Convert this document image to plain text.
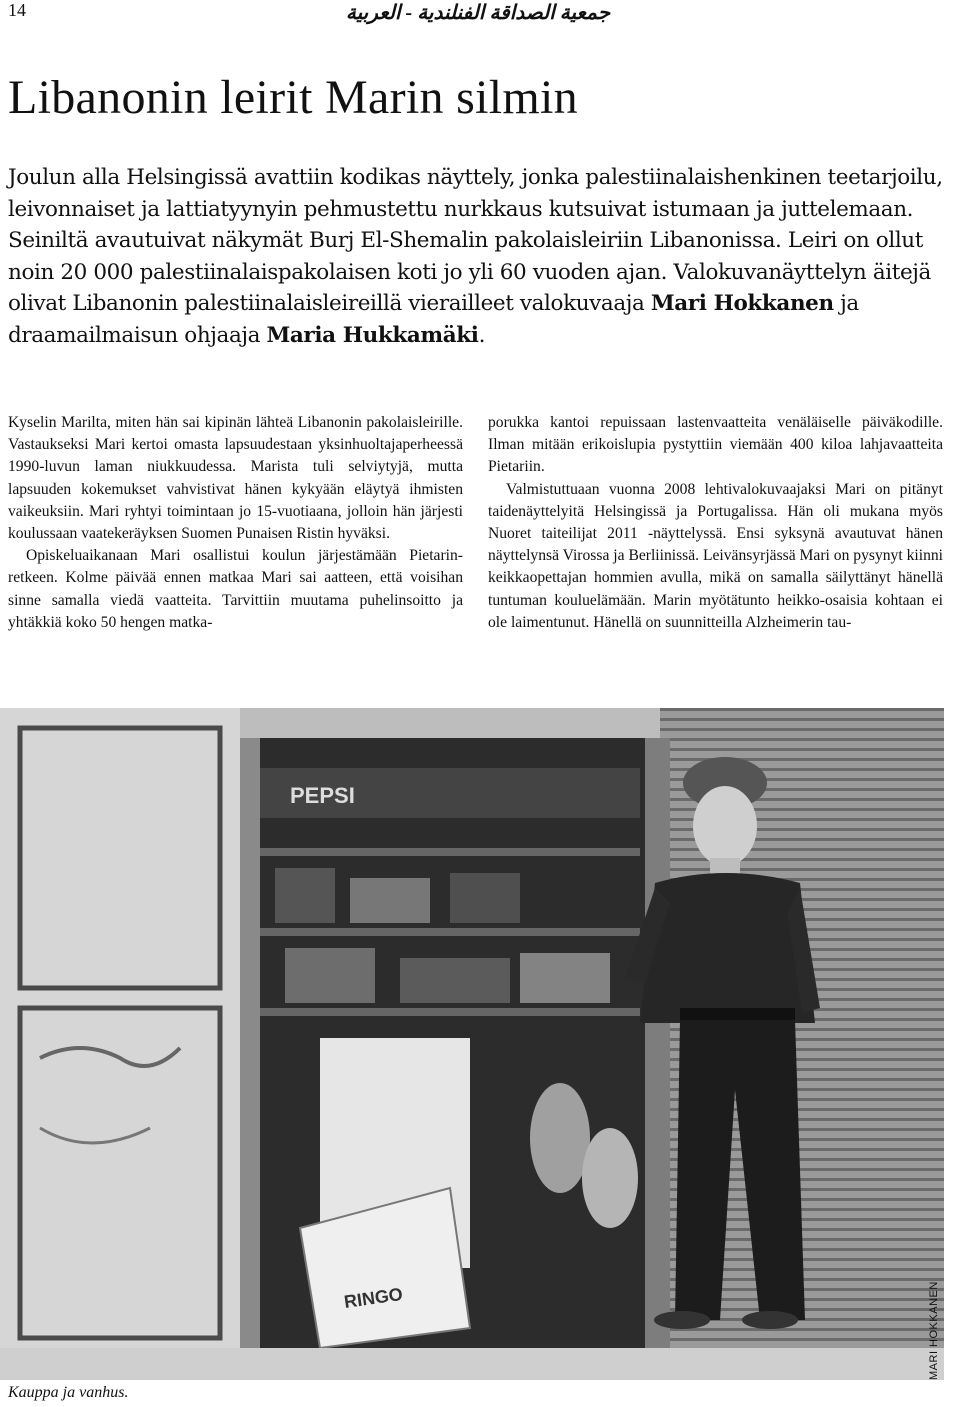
14	جمعية الصداقة الفنلندية - العربية
Libanonin leirit Marin silmin

Joulun alla Helsingissä avattiin kodikas näyttely, jonka palestiinalaishenkinen teetarjoilu, leivonnaiset ja lattiatyynyin pehmustettu nurkkaus kutsuivat istumaan ja juttelemaan. Seiniltä avautuivat näkymät Burj El-Shemalin pakolaisleiriin Libanonissa. Leiri on ollut noin 20 000 palestiinalaispakolaisen koti jo yli 60 vuoden ajan. Valokuvanäyttelyn äitejä olivat Libanonin palestiinalaisleireillä vierailleet valokuvaaja Mari Hokkanen ja draamailmaisun ohjaaja Maria Hukkamäki.

Kyselin Marilta, miten hän sai kipinän lähteä Libanonin pakolaisleirille. Vastaukseksi Mari kertoi omasta lapsuudestaan yksinhuoltajaperheessä 1990-luvun laman niukkuudessa. Marista tuli selviytyjä, mutta lapsuuden kokemukset vahvistivat hänen kykyään eläytyä ihmisten vaikeuksiin. Mari ryhtyi toimintaan jo 15-vuotiaana, jolloin hän järjesti koulussaan vaatekeräyksen Suomen Punaisen Ristin hyväksi.

Opiskeluaikanaan Mari osallistui koulun järjestämään Pietarin-retkeen. Kolme päivää ennen matkaa Mari sai aatteen, että voisihan sinne samalla viedä vaatteita. Tarvittiin muutama puhelinsoitto ja yhtäkkiä koko 50 hengen matka-

porukka kantoi repuissaan lastenvaatteita venäläiselle päiväkodille. Ilman mitään erikoislupia pystyttiin viemään 400 kiloa lahjavaatteita Pietariin.

Valmistuttuaan vuonna 2008 lehtivalokuvaajaksi Mari on pitänyt taidenäyttelyitä Helsingissä ja Portugalissa. Hän oli mukana myös Nuoret taiteilijat 2011 -näyttelyssä. Ensi syksynä avautuvat hänen näyttelynsä Virossa ja Berliinissä. Leivänsyrjässä Mari on pysynyt kiinni keikkaopettajan hommien avulla, mikä on samalla säilyttänyt hänellä tuntuman kouluelämään. Marin myötätunto heikko-osaisia kohtaan ei ole laimentunut. Hänellä on suunnitteilla Alzheimerin tau-

PEPSI
RINGO	MARI HOKKANEN
Kauppa ja vanhus.
